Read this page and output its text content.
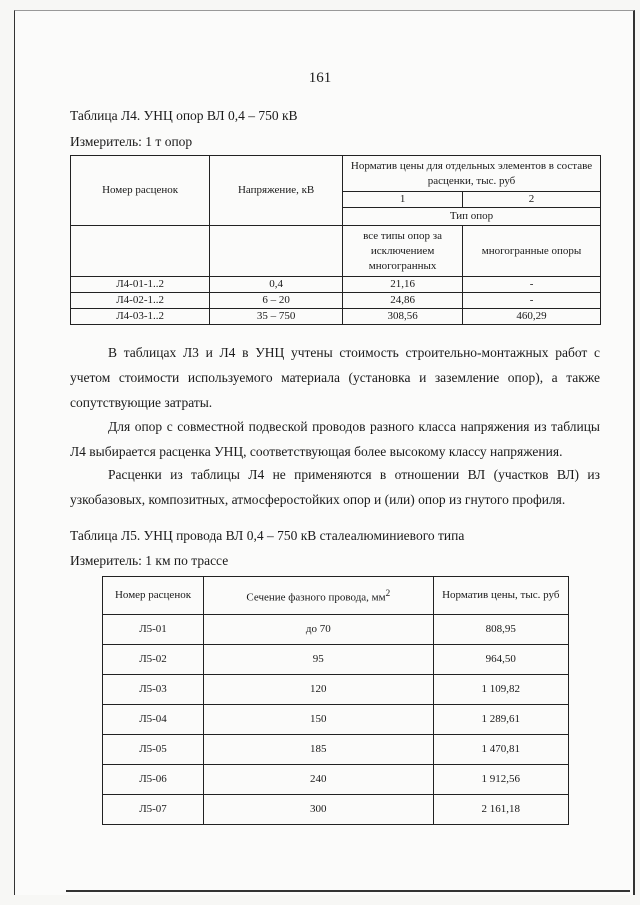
161
Таблица Л4. УНЦ опор ВЛ 0,4 – 750 кВ
Измеритель: 1 т опор
Номер расценок	Напряжение, кВ	Норматив цены для отдельных элементов в составе расценки, тыс. руб	
		1	2
		Тип опор	
		все типы опор за исключением многогранных	многогранные опоры
Л4-01-1..2	0,4	21,16	-
Л4-02-1..2	6 – 20	24,86	-
Л4-03-1..2	35 – 750	308,56	460,29

В таблицах Л3 и Л4 в УНЦ учтены стоимость строительно-монтажных работ с учетом стоимости используемого материала (установка и заземление опор), а также сопутствующие затраты.

Для опор с совместной подвеской проводов разного класса напряжения из таблицы Л4 выбирается расценка УНЦ, соответствующая более высокому классу напряжения.

Расценки из таблицы Л4 не применяются в отношении ВЛ (участков ВЛ) из узкобазовых, композитных, атмосферостойких опор и (или) опор из гнутого профиля.

Таблица Л5. УНЦ провода ВЛ 0,4 – 750 кВ сталеалюминиевого типа
Измеритель: 1 км по трассе
Номер расценок	Сечение фазного провода, $мм^2$	Норматив цены, тыс. руб
Л5-01	до 70	808,95
Л5-02	95	964,50
Л5-03	120	1 109,82
Л5-04	150	1 289,61
Л5-05	185	1 470,81
Л5-06	240	1 912,56
Л5-07	300	2 161,18
